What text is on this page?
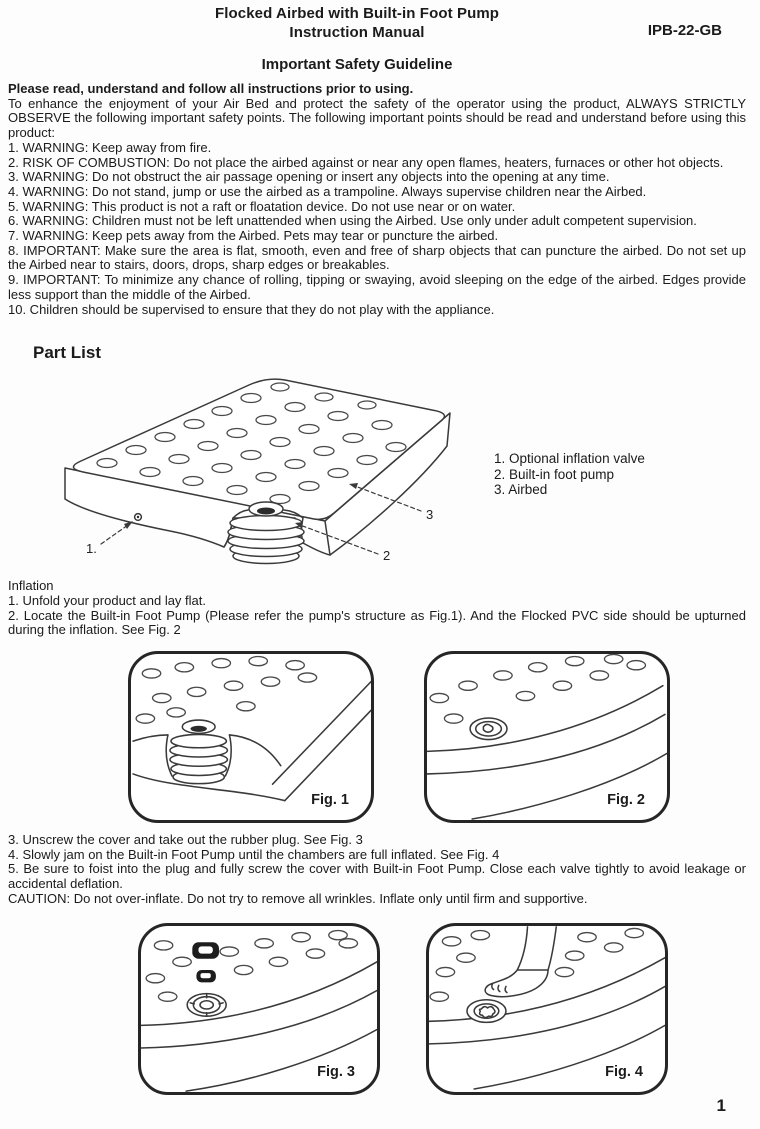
Flocked Airbed with Built-in Foot Pump
Instruction Manual	IPB-22-GB
Important Safety Guideline

Please read, understand and follow all instructions prior to using.

To enhance the enjoyment of your Air Bed and protect the safety of the operator using the product, ALWAYS STRICTLY OBSERVE the following important safety points. The following important points should be read and understand before using this product:

1. WARNING: Keep away from fire.

2. RISK OF COMBUSTION: Do not place the airbed against or near any open flames, heaters, furnaces or other hot objects.

3. WARNING: Do not obstruct the air passage opening or insert any objects into the opening at any time.

4. WARNING: Do not stand, jump or use the airbed as a trampoline. Always supervise children near the Airbed.

5. WARNING: This product is not a raft or floatation device. Do not use near or on water.

6. WARNING: Children must not be left unattended when using the Airbed. Use only under adult competent supervision.

7. WARNING: Keep pets away from the Airbed. Pets may tear or puncture the airbed.

8. IMPORTANT: Make sure the area is flat, smooth, even and free of sharp objects that can puncture the airbed. Do not set up the Airbed near to stairs, doors, drops, sharp edges or breakables.

9. IMPORTANT: To minimize any chance of rolling, tipping or swaying, avoid sleeping on the edge of the airbed. Edges provide less support than the middle of the Airbed.

10. Children should be supervised to ensure that they do not play with the appliance.

Part List
1.	2
3
1. Optional inflation valve
2. Built-in foot pump
3. Airbed

Inflation

1. Unfold your product and lay flat.

2. Locate the Built-in Foot Pump (Please refer the pump's structure as Fig.1). And the Flocked PVC side should be upturned during the inflation. See Fig. 2

Fig. 1	Fig. 2

3. Unscrew the cover and take out the rubber plug. See Fig. 3

4. Slowly jam on the Built-in Foot Pump until the chambers are full inflated. See Fig. 4

5. Be sure to foist into the plug and fully screw the cover with Built-in Foot Pump. Close each valve tightly to avoid leakage or accidental deflation.

CAUTION: Do not over-inflate. Do not try to remove all wrinkles. Inflate only until firm and supportive.

Fig. 3	Fig. 4
1
